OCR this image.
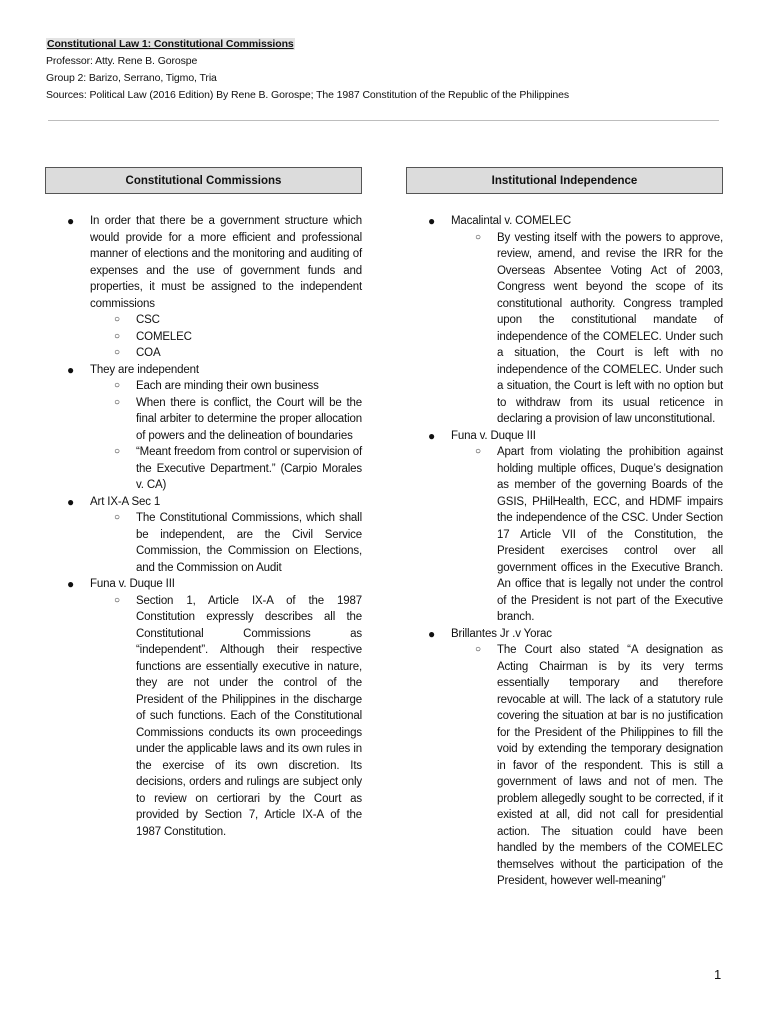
Constitutional Law 1: Constitutional Commissions
Professor: Atty. Rene B. Gorospe
Group 2: Barizo, Serrano, Tigmo, Tria
Sources: Political Law (2016 Edition) By Rene B. Gorospe; The 1987 Constitution of the Republic of the Philippines
Constitutional Commissions
● In order that there be a government structure which would provide for a more efficient and professional manner of elections and the monitoring and auditing of expenses and the use of government funds and properties, it must be assigned to the independent commissions
○ CSC
○ COMELEC
○ COA
● They are independent
○ Each are minding their own business
○ When there is conflict, the Court will be the final arbiter to determine the proper allocation of powers and the delineation of boundaries
○ “Meant freedom from control or supervision of the Executive Department.” (Carpio Morales v. CA)
● Art IX-A Sec 1
○ The Constitutional Commissions, which shall be independent, are the Civil Service Commission, the Commission on Elections, and the Commission on Audit
● Funa v. Duque III
○ Section 1, Article IX-A of the 1987 Constitution expressly describes all the Constitutional Commissions as “independent”. Although their respective functions are essentially executive in nature, they are not under the control of the President of the Philippines in the discharge of such functions. Each of the Constitutional Commissions conducts its own proceedings under the applicable laws and its own rules in the exercise of its own discretion. Its decisions, orders and rulings are subject only to review on certiorari by the Court as provided by Section 7, Article IX-A of the 1987 Constitution.
Institutional Independence
● Macalintal v. COMELEC
○ By vesting itself with the powers to approve, review, amend, and revise the IRR for the Overseas Absentee Voting Act of 2003, Congress went beyond the scope of its constitutional authority. Congress trampled upon the constitutional mandate of independence of the COMELEC. Under such a situation, the Court is left with no independence of the COMELEC. Under such a situation, the Court is left with no option but to withdraw from its usual reticence in declaring a provision of law unconstitutional.
● Funa v. Duque III
○ Apart from violating the prohibition against holding multiple offices, Duque’s designation as member of the governing Boards of the GSIS, PHilHealth, ECC, and HDMF impairs the independence of the CSC. Under Section 17 Article VII of the Constitution, the President exercises control over all government offices in the Executive Branch. An office that is legally not under the control of the President is not part of the Executive branch.
● Brillantes Jr .v Yorac
○ The Court also stated “A designation as Acting Chairman is by its very terms essentially temporary and therefore revocable at will. The lack of a statutory rule covering the situation at bar is no justification for the President of the Philippines to fill the void by extending the temporary designation in favor of the respondent. This is still a government of laws and not of men. The problem allegedly sought to be corrected, if it existed at all, did not call for presidential action. The situation could have been handled by the members of the COMELEC themselves without the participation of the President, however well-meaning”
1
